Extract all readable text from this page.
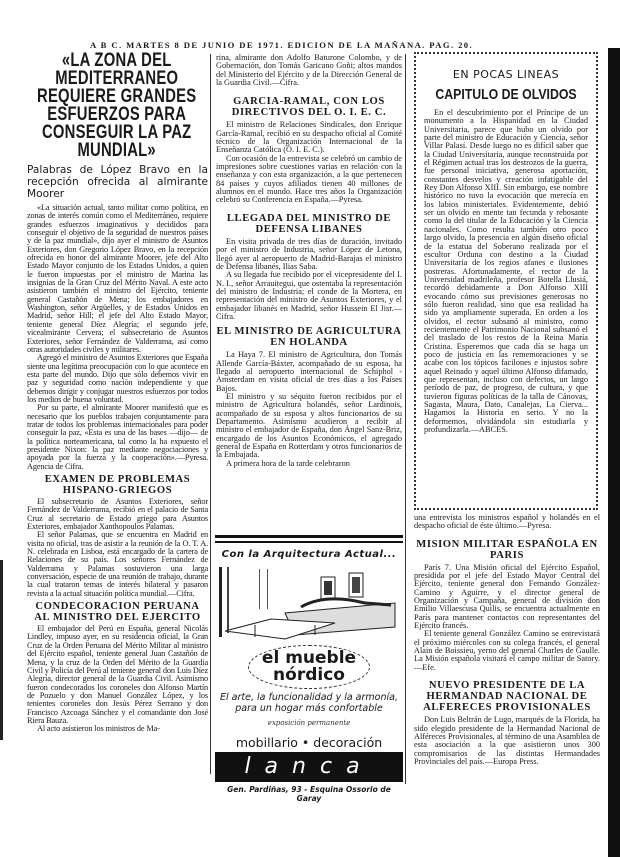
A B C. MARTES 8 DE JUNIO DE 1971. EDICION DE LA MAÑANA. PAG. 20.
«LA ZONA DEL MEDITERRANEO REQUIERE GRANDES ESFUERZOS PARA CONSEGUIR LA PAZ MUNDIAL»
Palabras de López Bravo en la recepción ofrecida al almirante Moorer

«La situación actual, tanto militar como política, en zonas de interés común como el Mediterráneo, requiere grandes esfuerzos imaginativos y decididos para conseguir el objetivo de la seguridad de nuestros países y de la paz mundial», dijo ayer el ministro de Asuntos Exteriores, don Gregorio López Bravo, en la recepción ofrecida en honor del almirante Moorer, jefe del Alto Estado Mayor conjunto de los Estados Unidos, a quien le fueron impuestas por el ministro de Marina las insignias de la Gran Cruz del Mérito Naval. A este acto asistieron también el ministro del Ejército, teniente general Castañón de Mena; los embajadores en Washington, señor Argüelles, y de Estados Unidos en Madrid, señor Hill; el jefe del Alto Estado Mayor, teniente general Díez Alegría; el segundo jefe, vicealmirante Cervera; el subsecretario de Asuntos Exteriores, señor Fernández de Valderrama, así como otras autoridades civiles y militares.

Agregó el ministro de Asuntos Exteriores que España siente una legítima preocupación con lo que acontece en esta parte del mundo. Dijo que sólo debemos vivir en paz y seguridad como nación independiente y que debemos dirigir y conjugar nuestros esfuerzos por todos los medios de buena voluntad.

Por su parte, el almirante Moorer manifestó que es necesario que los pueblos trabajen conjuntamente para tratar de todos los problemas internacionales para poder conseguir la paz, «Esta es una de las bases —dijo— de la política norteamericana, tal como la ha expuesto el presidente Nixon: la paz mediante negociaciones y apoyada por la fuerza y la cooperación».—Pyresa. Agencia de Cifra.

EXAMEN DE PROBLEMAS HISPANO-GRIEGOS

El subsecretario de Asuntos Exteriores, señor Fernández de Valderrama, recibió en el palacio de Santa Cruz al secretario de Estado griego para Asuntos Exteriores, embajador Xanthopoulos Palamas.

El señor Palamas, que se encuentra en Madrid en visita no oficial, tras de asistir a la reunión de la O. T. A. N. celebrada en Lisboa, está encargado de la cartera de Relaciones de su país. Los señores Fernández de Valderrama y Palamas sostuvieron una larga conversación, especie de una reunión de trabajo, durante la cual trataron temas de interés bilateral y pasaron revista a la actual situación política mundial.—Cifra.

CONDECORACION PERUANA AL MINISTRO DEL EJERCITO

El embajador del Perú en España, general Nicolás Lindley, impuso ayer, en su residencia oficial, la Gran Cruz de la Orden Peruana del Mérito Militar al ministro del Ejército español, teniente general Juan Castañón de Mena, y la cruz de la Orden del Mérito de la Guardia Civil y Policía del Perú al teniente general don Luis Díez Alegría, director general de la Guardia Civil. Asimismo fueron condecorados los coroneles don Alfonso Martín de Pozuelo y don Manuel González López, y los tenientes coroneles don Jesús Pérez Serrano y don Francisco Azcoaga Sánchez y el comandante don José Riera Bauza.

Al acto asistieron los ministros de Ma-

rina, almirante don Adolfo Baturone Colombo, y de Gobernación, don Tomás Garicano Goñi; altos mandos del Ministerio del Ejército y de la Dirección General de la Guardia Civil.—Cifra.

GARCIA-RAMAL, CON LOS DIRECTIVOS DEL O. I. E. C.

El ministro de Relaciones Sindicales, don Enrique García-Ramal, recibió en su despacho oficial al Comité técnico de la Organización Internacional de la Enseñanza Católica (O. I. E. C.).

Con ocasión de la entrevista se celebró un cambio de impresiones sobre cuestiones varias en relación con la enseñanza y con esta organización, a la que pertenecen 84 países y cuyos afiliados tienen 40 millones de alumnos en el mundo. Hace tres años la Organización celebró su Conferencia en España.—Pyresa.

LLEGADA DEL MINISTRO DE DEFENSA LIBANES

En visita privada de tres días de duración, invitado por el ministro de Industria, señor López de Letona, llegó ayer al aeropuerto de Madrid-Barajas el ministro de Defensa libanés, Ilias Saba.

A su llegada fue recibido por el vicepresidente del I. N. I., señor Arrauitegui, que ostentaba la representación del ministro de Industria; el conde de la Mortera, en representación del ministro de Asuntos Exteriores, y el embajador libanés en Madrid, señor Hussein El Jisr.—Cifra.

EL MINISTRO DE AGRICULTURA EN HOLANDA

La Haya 7. El ministro de Agricultura, don Tomás Allende García-Báxter, acompañado de su esposa, ha llegado al aeropuerto internacional de Schiphol - Amsterdam en visita oficial de tres días a los Países Bajos.

El ministro y su séquito fueron recibidos por el ministro de Agricultura holandés, señor Lardinois, acompañado de su esposa y altos funcionarios de su Departamento. Asimismo acudieron a recibir al ministro el embajador de España, don Ángel Sanz-Briz, encargado de los Asuntos Económicos, el agregado general de España en Rotterdam y otros funcionarios de la Embajada.

A primera hora de la tarde celebraron

Con la Arquitectura Actual...
el mueble nórdico
El arte, la funcionalidad y la armonía, para un hogar más confortable
exposición permanente
mobillario • decoración
lanca
Gen. Pardiñas, 93 - Esquina Ossorio de Garay
EN POCAS LINEAS
CAPITULO DE OLVIDOS

En el descubrimiento por el Príncipe de un monumento a la Hispanidad en la Ciudad Universitaria, parece que hubo un olvido por parte del ministro de Educación y Ciencia, señor Villar Palasí. Desde luego no es difícil saber que la Ciudad Universitaria, aunque reconstruida por el Régimen actual tras los destrozos de la guerra, fue personal iniciativa, generosa aportación, constantes desvelos y creación infatigable del Rey Don Alfonso XIII. Sin embargo, ese nombre histórico no tuvo la evocación que merecía en los labios ministeriales. Evidentemente, debió ser un olvido en mente tan fecunda y rebosante como la del titular de la Educación y la Ciencia nacionales. Como resulta también otro poco largo olvido, la presencia en algún diseño oficial de la estatua del Soberano realizada por el escultor Orduna con destino a la Ciudad Universitaria de los regios afanes e ilusiones postreras. Afortunadamente, el rector de la Universidad madrileña, profesor Botella Llusiá, recordó debidamente a Don Alfonso XIII evocando cómo sus previsiones generosas no sólo fueron realidad, sino que esa realidad ha sido ya ampliamente superada. En orden a los olvidos, el rector subsanó al ministro, como recientemente el Patrimonio Nacional subsanó el del traslado de los restos de la Reina María Cristina. Esperemos que cada día se haga un poco de justicia en las rememoraciones y se acabe con los tópicos facilones e injustos sobre aquel Reinado y aquel último Alfonso difamado, que representan, incluso con defectos, un largo período de paz, de progreso, de cultura, y que tuvieron figuras políticas de la talla de Cánovas, Sagasta, Maura, Dato, Canalejas, La Cierva... Hagamos la Historia en serio. Y no la deformemos, olvidándola sin estudiarla y profundizarla.—ABCES.

una entrevista los ministros español y holandés en el despacho oficial de éste último.—Pyresa.

MISION MILITAR ESPAÑOLA EN PARIS

París 7. Una Misión oficial del Ejército Español, presidida por el jefe del Estado Mayor Central del Ejército, teniente general don Fernando González-Camino y Aguirre, y el director general de Organización y Campaña, general de división don Emilio Villaescusa Quilis, se encuentra actualmente en París para mantener contactos con representantes del Ejército francés.

El teniente general González Camino se entrevistará el próximo miércoles con su colega francés, el general Alain de Boissieu, yerno del general Charles de Gaulle. La Misión española visitará el campo militar de Satory.—Efe.

NUEVO PRESIDENTE DE LA HERMANDAD NACIONAL DE ALFERECES PROVISIONALES

Don Luis Beltrán de Lugo, marqués de la Florida, ha sido elegido presidente de la Hermandad Nacional de Alféreces Provisionales, al término de una Asamblea de esta asociación a la que asistieron unos 300 compromisarios de las distintas Hermandades Provinciales del país.—Europa Press.
